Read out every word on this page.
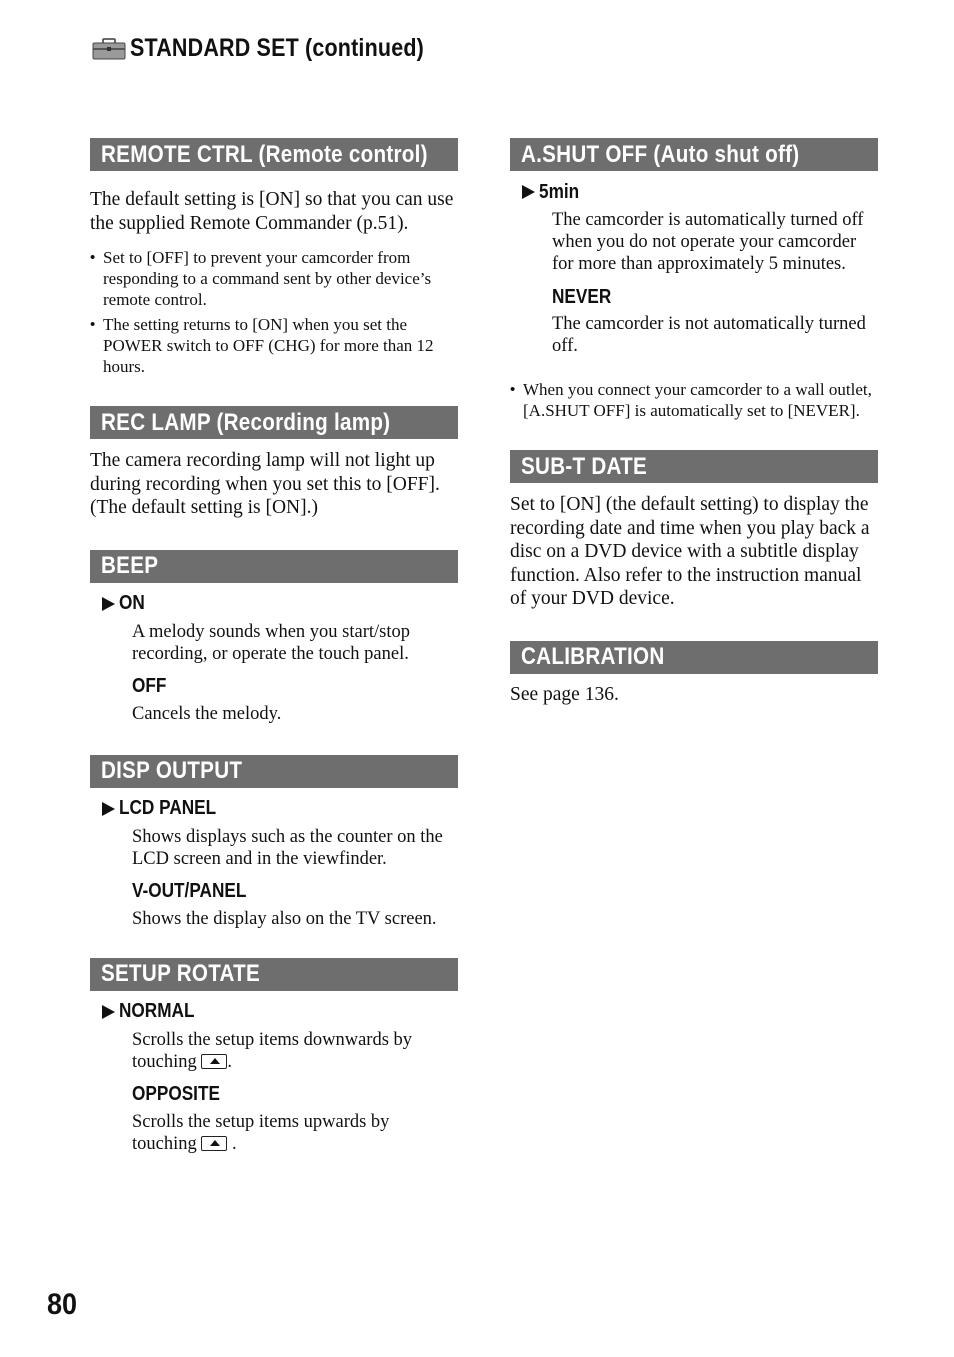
STANDARD SET (continued)
REMOTE CTRL (Remote control)

The default setting is [ON] so that you can use the supplied Remote Commander (p.51).

• Set to [OFF] to prevent your camcorder from responding to a command sent by other device’s remote control.
• The setting returns to [ON] when you set the POWER switch to OFF (CHG) for more than 12 hours.
REC LAMP (Recording lamp)

The camera recording lamp will not light up during recording when you set this to [OFF]. (The default setting is [ON].)

BEEP
ON

A melody sounds when you start/stop recording, or operate the touch panel.

OFF

Cancels the melody.

DISP OUTPUT
LCD PANEL

Shows displays such as the counter on the LCD screen and in the viewfinder.

V-OUT/PANEL

Shows the display also on the TV screen.

SETUP ROTATE
NORMAL

Scrolls the setup items downwards by touching .

OPPOSITE

Scrolls the setup items upwards by touching .

A.SHUT OFF (Auto shut off)
5min

The camcorder is automatically turned off when you do not operate your camcorder for more than approximately 5 minutes.

NEVER

The camcorder is not automatically turned off.

• When you connect your camcorder to a wall outlet, [A.SHUT OFF] is automatically set to [NEVER].
SUB-T DATE

Set to [ON] (the default setting) to display the recording date and time when you play back a disc on a DVD device with a subtitle display function. Also refer to the instruction manual of your DVD device.

CALIBRATION

See page 136.

80
